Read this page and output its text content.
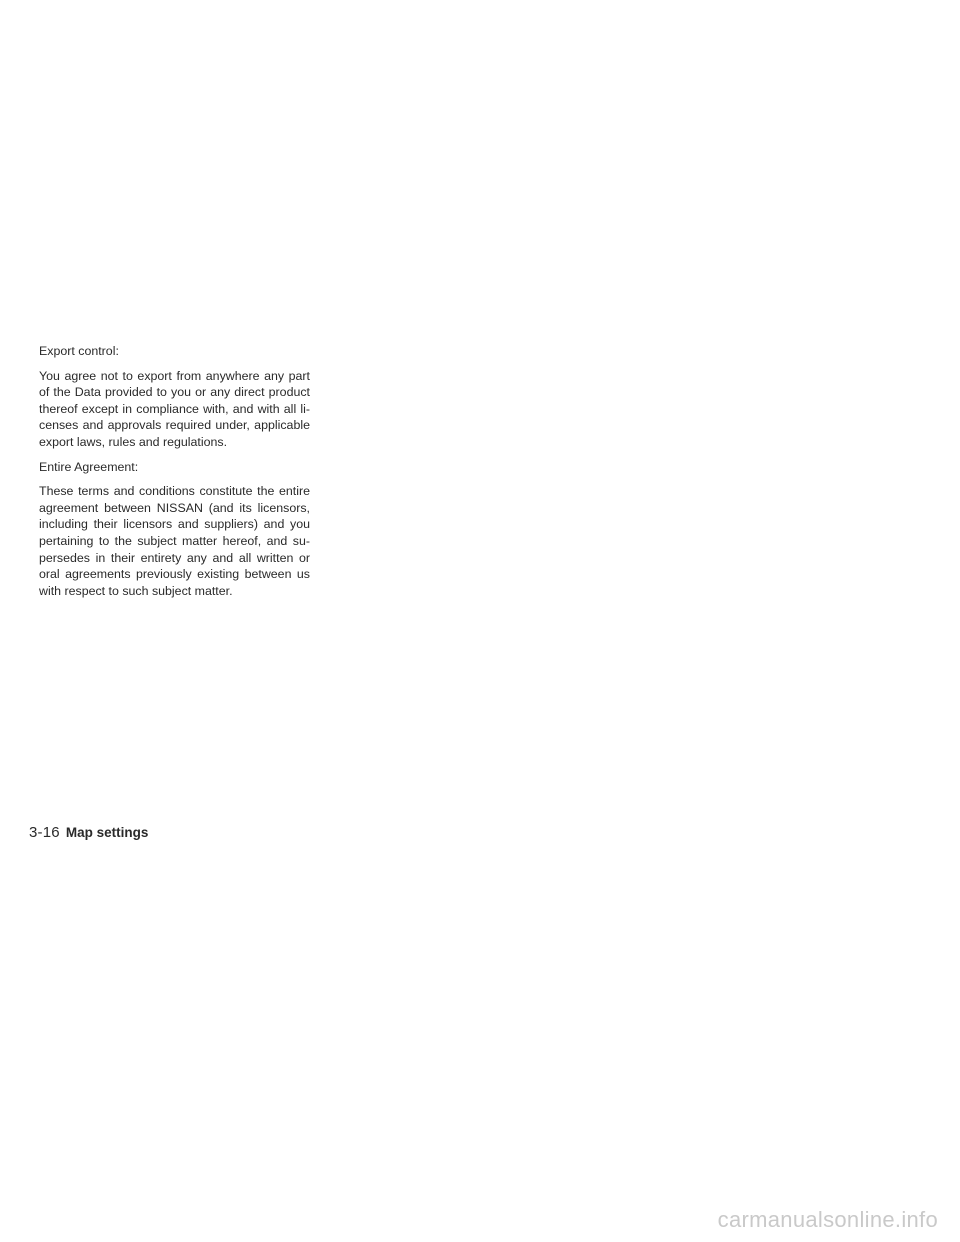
Export control:

You agree not to export from anywhere any part of the Data provided to you or any direct product thereof except in compliance with, and with all li- censes and approvals required under, applicable export laws, rules and regulations.

Entire Agreement:

These terms and conditions constitute the entire agreement between NISSAN (and its licensors, including their licensors and suppliers) and you pertaining to the subject matter hereof, and su- persedes in their entirety any and all written or oral agreements previously existing between us with respect to such subject matter.

3-16 Map settings
carmanualsonline.info
